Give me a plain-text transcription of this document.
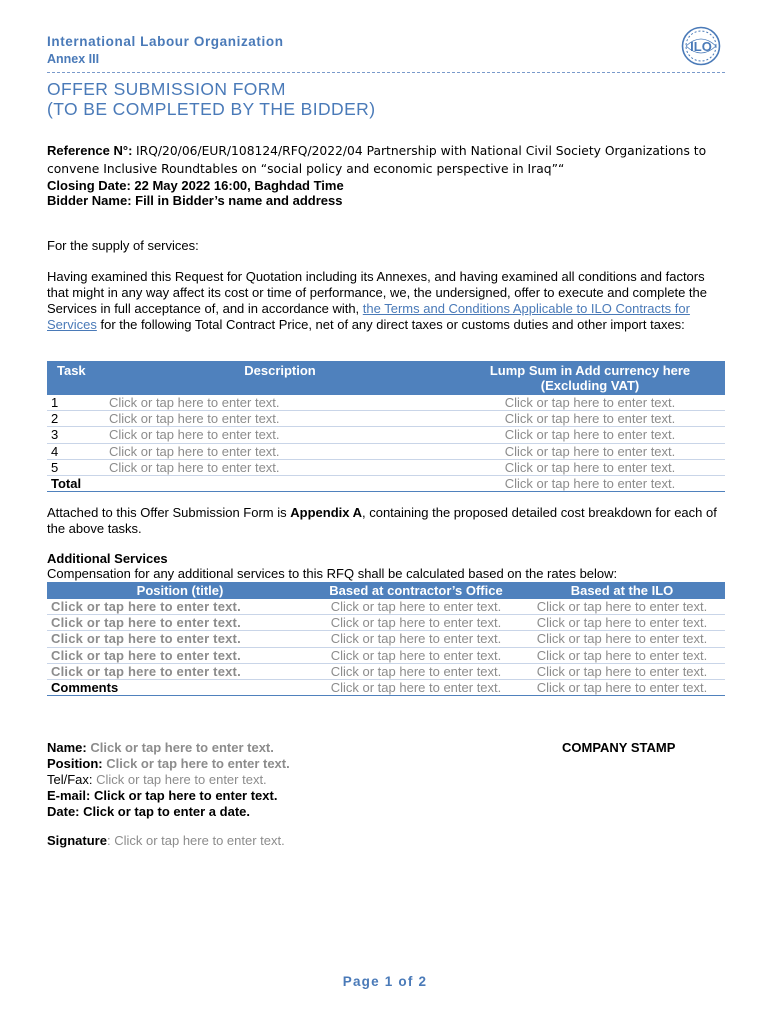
International Labour Organization
Annex III
ILO
OFFER SUBMISSION FORM
(TO BE COMPLETED BY THE BIDDER)
Reference N°: IRQ/20/06/EUR/108124/RFQ/2022/04 Partnership with National Civil Society Organizations to convene Inclusive Roundtables on “social policy and economic perspective in Iraq”“
Closing Date: 22 May 2022 16:00, Baghdad Time
Bidder Name: Fill in Bidder’s name and address
For the supply of services:
Having examined this Request for Quotation including its Annexes, and having examined all conditions and factors that might in any way affect its cost or time of performance, we, the undersigned, offer to execute and complete the Services in full acceptance of, and in accordance with, the Terms and Conditions Applicable to ILO Contracts for Services for the following Total Contract Price, net of any direct taxes or customs duties and other import taxes:
Task	Description	Lump Sum in Add currency here (Excluding VAT)
1	Click or tap here to enter text.	Click or tap here to enter text.
2	Click or tap here to enter text.	Click or tap here to enter text.
3	Click or tap here to enter text.	Click or tap here to enter text.
4	Click or tap here to enter text.	Click or tap here to enter text.
5	Click or tap here to enter text.	Click or tap here to enter text.
Total		Click or tap here to enter text.
Attached to this Offer Submission Form is Appendix A, containing the proposed detailed cost breakdown for each of the above tasks.
Additional Services
Compensation for any additional services to this RFQ shall be calculated based on the rates below:
Position (title)	Based at contractor’s Office	Based at the ILO
Click or tap here to enter text.	Click or tap here to enter text.	Click or tap here to enter text.
Click or tap here to enter text.	Click or tap here to enter text.	Click or tap here to enter text.
Click or tap here to enter text.	Click or tap here to enter text.	Click or tap here to enter text.
Click or tap here to enter text.	Click or tap here to enter text.	Click or tap here to enter text.
Click or tap here to enter text.	Click or tap here to enter text.	Click or tap here to enter text.
Comments	Click or tap here to enter text.	Click or tap here to enter text.
Name: Click or tap here to enter text.
Position: Click or tap here to enter text.
Tel/Fax: Click or tap here to enter text.
E-mail: Click or tap here to enter text.
Date: Click or tap to enter a date.
COMPANY STAMP
Signature: Click or tap here to enter text.
Page 1 of 2
